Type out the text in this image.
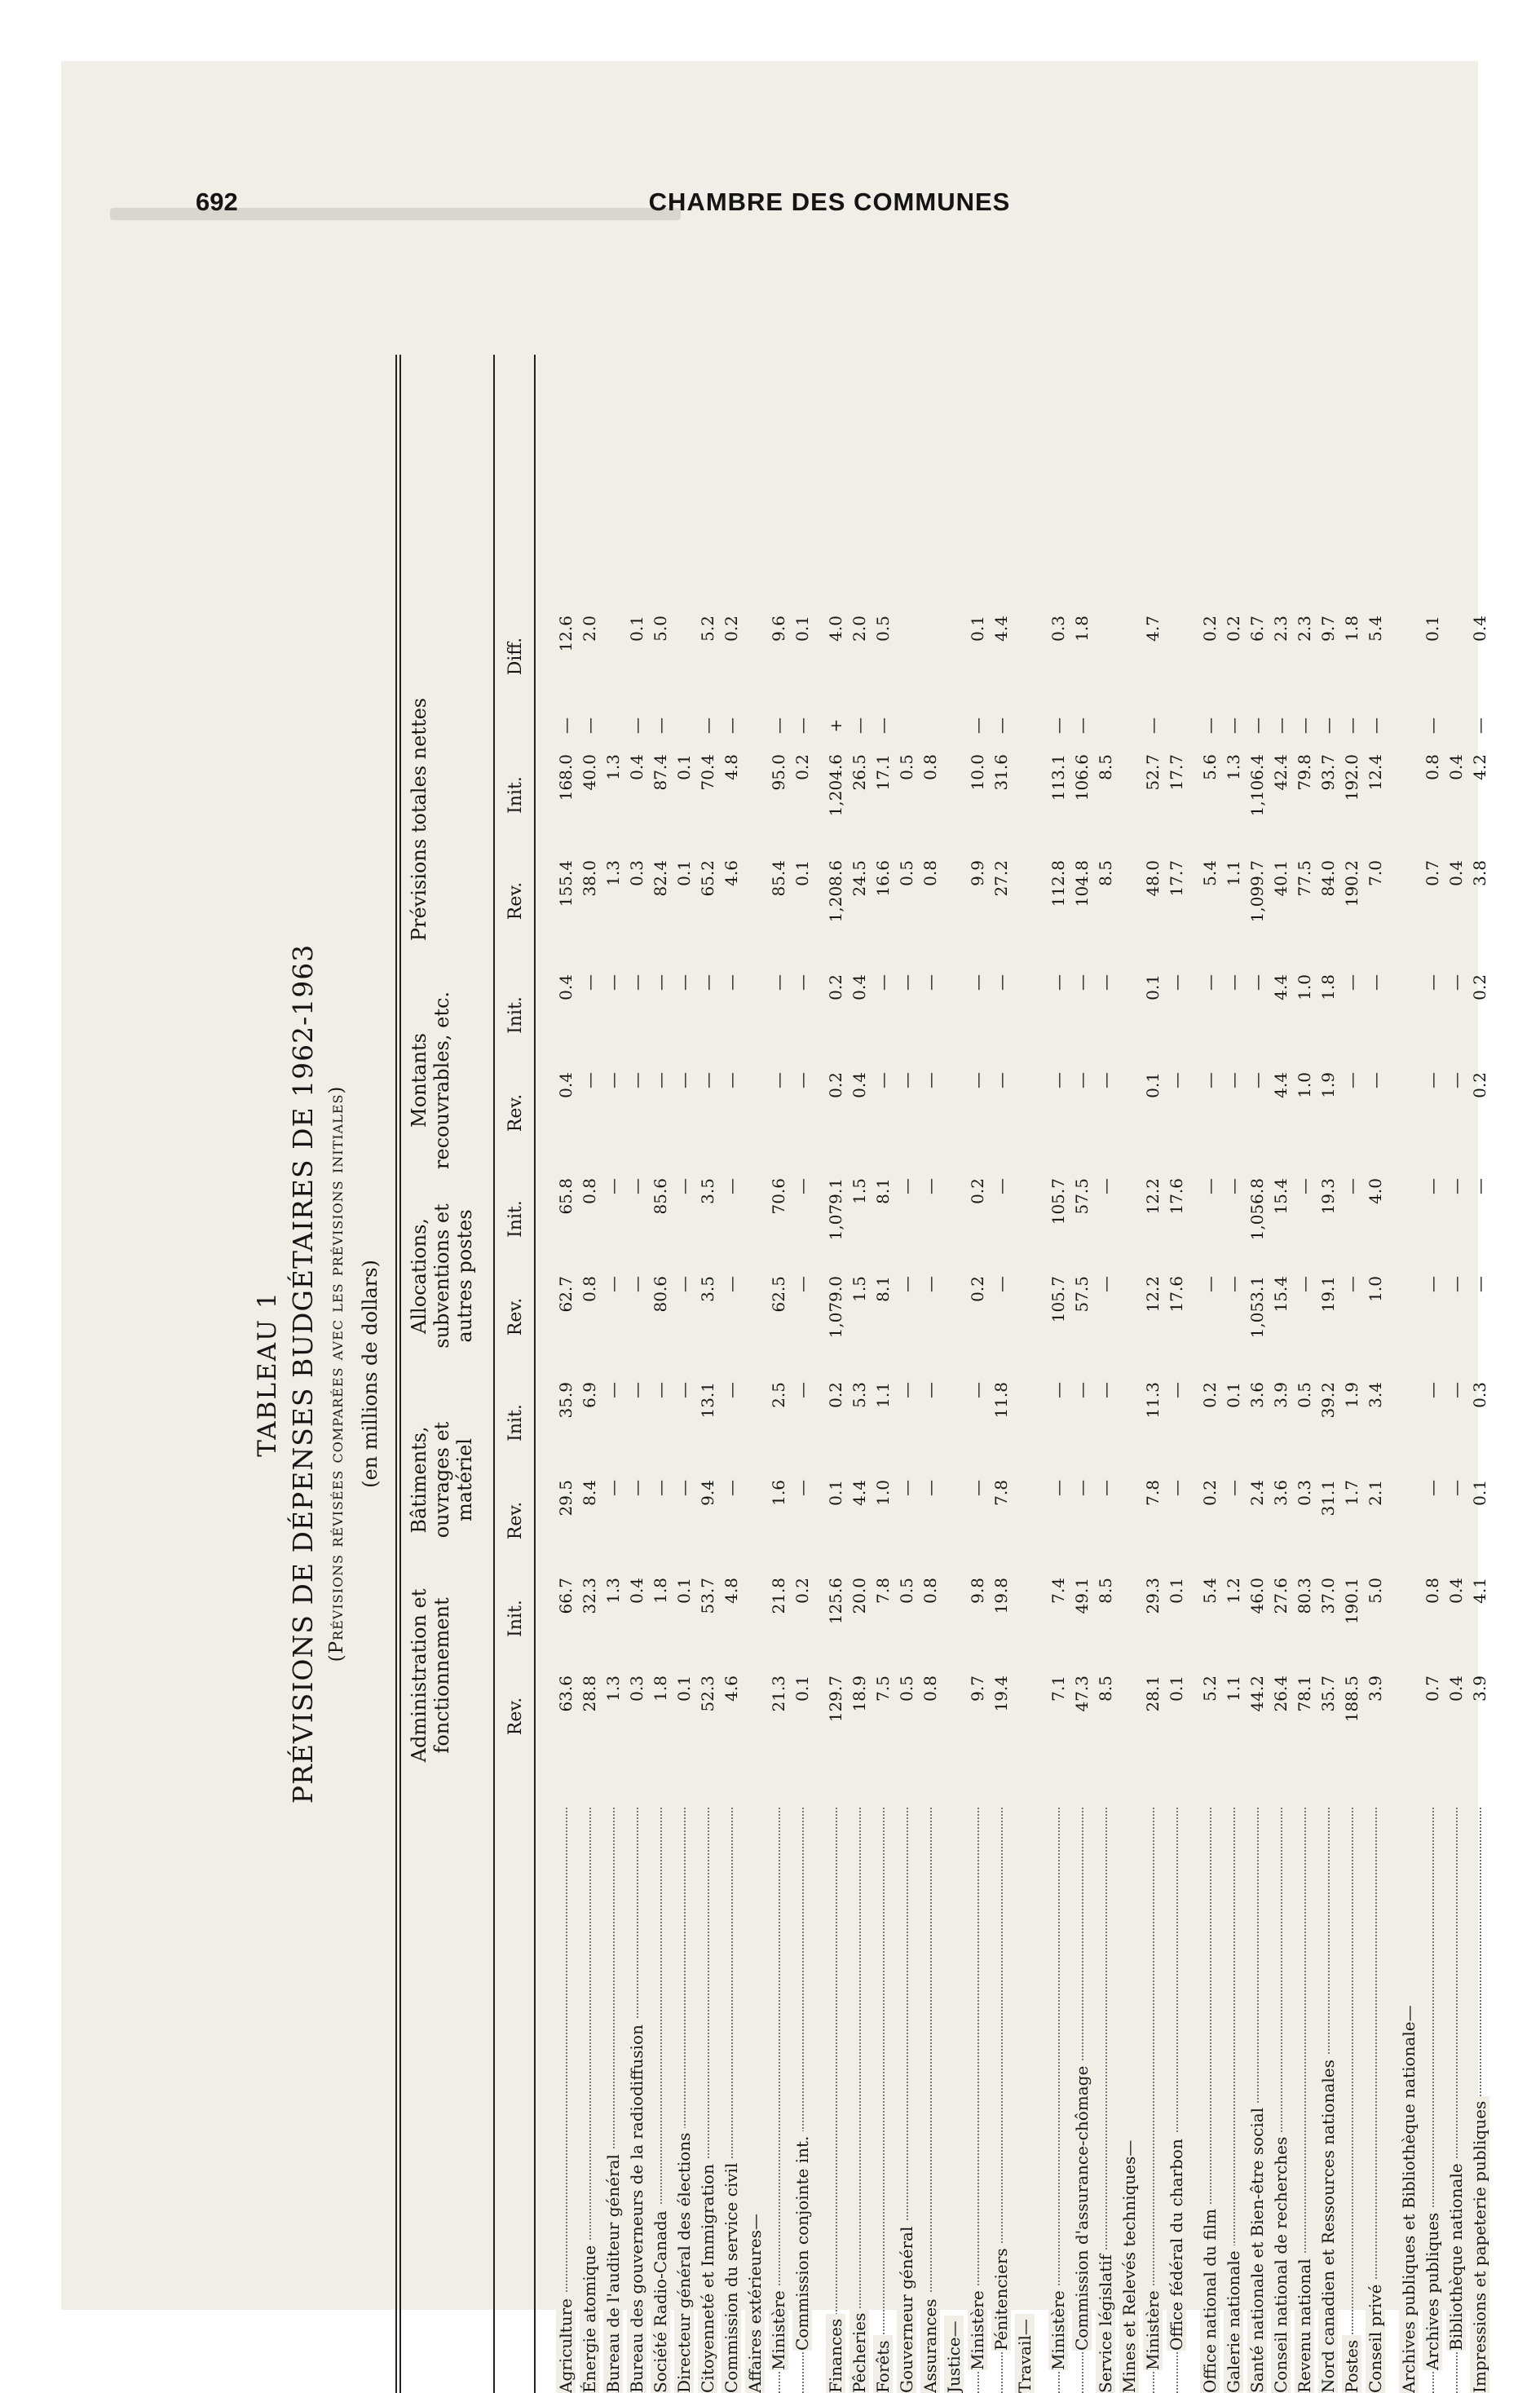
692	CHAMBRE DES COMMUNES
TABLEAU 1 PRÉVISIONS DE DÉPENSES BUDGÉTAIRES DE 1962-1963 (Prévisions révisées comparées avec les prévisions initiales) (en millions de dollars)
Administration et fonctionnement
Bâtiments, ouvrages et matériel
Allocations, subventions et autres postes
Montants recouvrables, etc.
Prévisions totales nettes
Rev.
Init.
Rev.
Init.
Rev.
Init.
Rev.
Init.
Rev.
Init.
Diff.
Agriculture
63.6
66.7
29.5
35.9
62.7
65.8
0.4
0.4
155.4
168.0
12.6
—
Énergie atomique
28.8
32.3
8.4
6.9
0.8
0.8
—
—
38.0
40.0
2.0
—
Bureau de l'auditeur général
1.3
1.3
—
—
—
—
—
—
1.3
1.3
Bureau des gouverneurs de la radiodiffusion
0.3
0.4
—
—
—
—
—
—
0.3
0.4
0.1
—
Société Radio-Canada
1.8
1.8
—
—
80.6
85.6
—
—
82.4
87.4
5.0
—
Directeur général des élections
0.1
0.1
—
—
—
—
—
—
0.1
0.1
Citoyenneté et Immigration
52.3
53.7
9.4
13.1
3.5
3.5
—
—
65.2
70.4
5.2
—
Commission du service civil
4.6
4.8
—
—
—
—
—
—
4.6
4.8
0.2
—
Affaires extérieures— Ministère
21.3
21.8
1.6
2.5
62.5
70.6
—
—
85.4
95.0
9.6
—
Commission conjointe int.
0.1
0.2
—
—
—
—
—
—
0.1
0.2
0.1
—
Finances
129.7
125.6
0.1
0.2
1,079.0
1,079.1
0.2
0.2
1,208.6
1,204.6
4.0
+
Pêcheries
18.9
20.0
4.4
5.3
1.5
1.5
0.4
0.4
24.5
26.5
2.0
—
Forêts
7.5
7.8
1.0
1.1
8.1
8.1
—
—
16.6
17.1
0.5
—
Gouverneur général
0.5
0.5
—
—
—
—
—
—
0.5
0.5
Assurances
0.8
0.8
—
—
—
—
—
—
0.8
0.8
Justice— Ministère
9.7
9.8
—
—
0.2
0.2
—
—
9.9
10.0
0.1
—
Pénitenciers
19.4
19.8
7.8
11.8
—
—
—
—
27.2
31.6
4.4
—
Travail— Ministère
7.1
7.4
—
—
105.7
105.7
—
—
112.8
113.1
0.3
—
Commission d'assurance-chômage
47.3
49.1
—
—
57.5
57.5
—
—
104.8
106.6
1.8
—
Service législatif
8.5
8.5
—
—
—
—
—
—
8.5
8.5
Mines et Relevés techniques— Ministère
28.1
29.3
7.8
11.3
12.2
12.2
0.1
0.1
48.0
52.7
4.7
—
Office fédéral du charbon
0.1
0.1
—
—
17.6
17.6
—
—
17.7
17.7
Office national du film
5.2
5.4
0.2
0.2
—
—
—
—
5.4
5.6
0.2
—
Galerie nationale
1.1
1.2
—
0.1
—
—
—
—
1.1
1.3
0.2
—
Santé nationale et Bien-être social
44.2
46.0
2.4
3.6
1,053.1
1,056.8
—
—
1,099.7
1,106.4
6.7
—
Conseil national de recherches
26.4
27.6
3.6
3.9
15.4
15.4
4.4
4.4
40.1
42.4
2.3
—
Revenu national
78.1
80.3
0.3
0.5
—
—
1.0
1.0
77.5
79.8
2.3
—
Nord canadien et Ressources nationales
35.7
37.0
31.1
39.2
19.1
19.3
1.9
1.8
84.0
93.7
9.7
—
Postes
188.5
190.1
1.7
1.9
—
—
—
—
190.2
192.0
1.8
—
Conseil privé
3.9
5.0
2.1
3.4
1.0
4.0
—
—
7.0
12.4
5.4
—
Archives publiques et Bibliothèque nationale— Archives publiques
0.7
0.8
—
—
—
—
—
—
0.7
0.8
0.1
—
Bibliothèque nationale
0.4
0.4
—
—
—
—
—
—
0.4
0.4
Impressions et papeterie publiques
3.9
4.1
0.1
0.3
—
—
0.2
0.2
3.8
4.2
0.4
—
